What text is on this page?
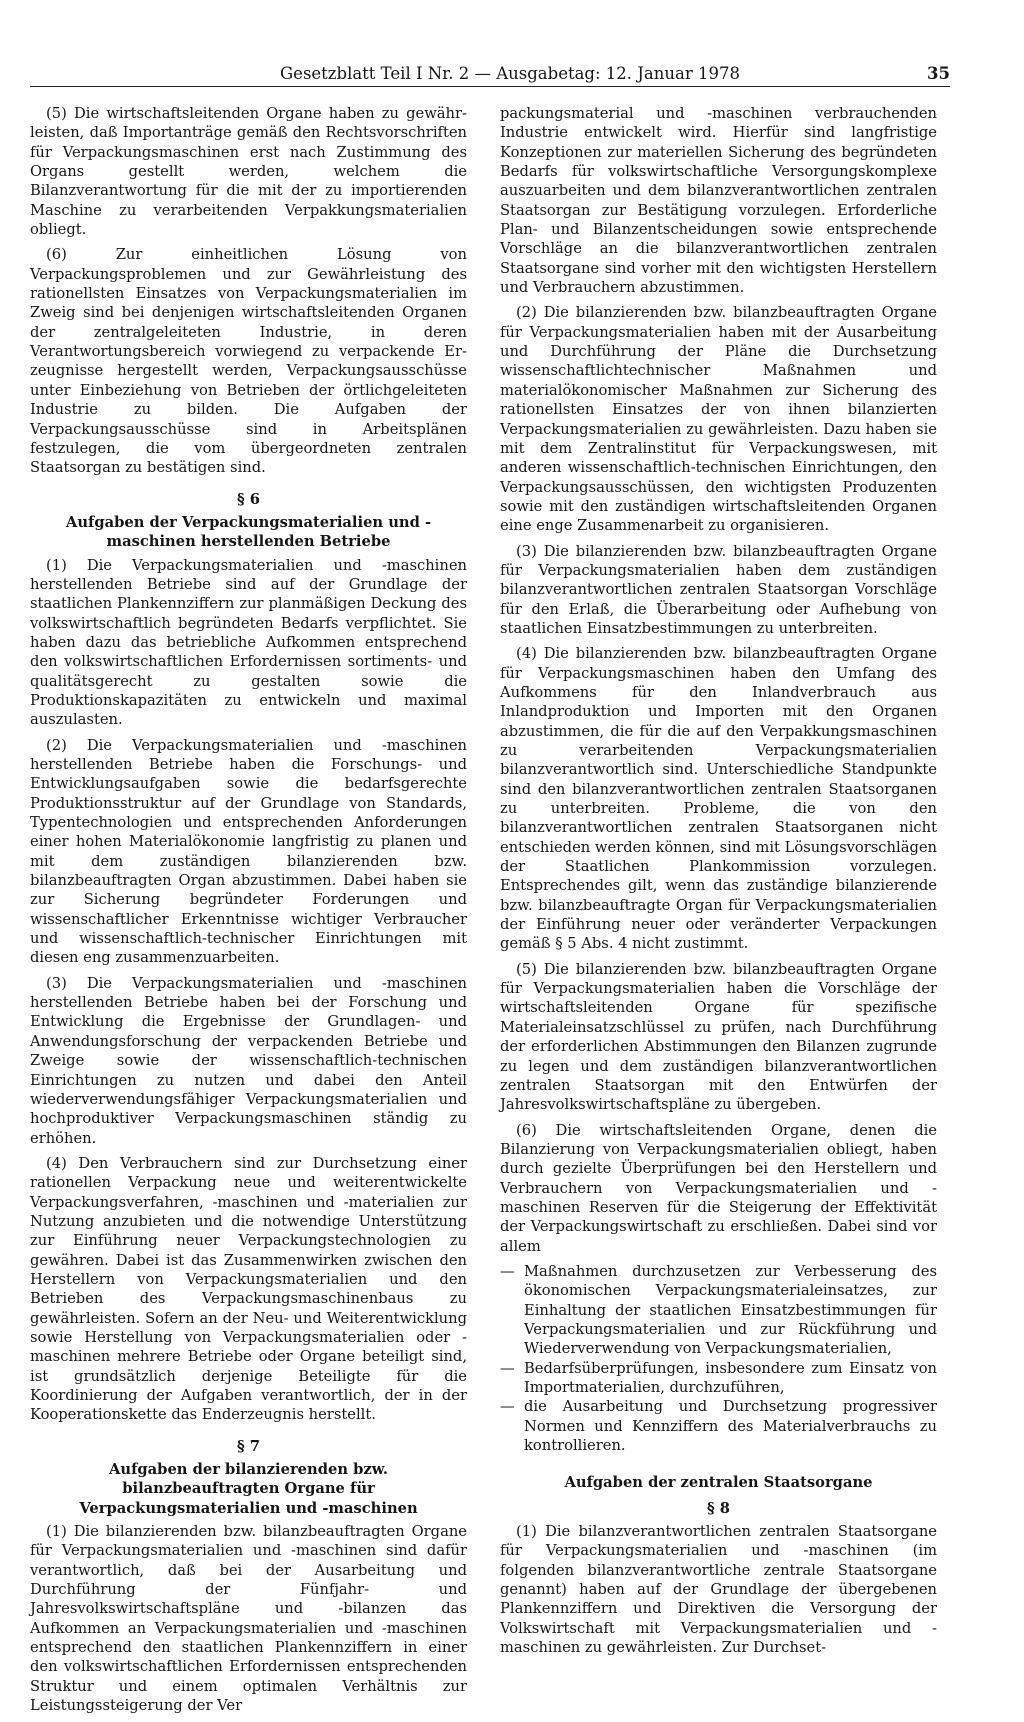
Gesetzblatt Teil I Nr. 2 — Ausgabetag: 12. Januar 1978	35

(5) Die wirtschaftsleitenden Organe haben zu gewährleisten, daß Importanträge gemäß den Rechtsvorschriften für Verpackungsmaschinen erst nach Zustimmung des Organs gestellt werden, welchem die Bilanzverantwortung für die mit der zu importierenden Maschine zu verarbeitenden Verpakkungsmaterialien obliegt.

(6) Zur einheitlichen Lösung von Verpackungsproblemen und zur Gewährleistung des rationellsten Einsatzes von Verpackungsmaterialien im Zweig sind bei denjenigen wirtschaftsleitenden Organen der zentralgeleiteten Industrie, in deren Verantwortungsbereich vorwiegend zu verpackende Erzeugnisse hergestellt werden, Verpackungsausschüsse unter Einbeziehung von Betrieben der örtlichgeleiteten Industrie zu bilden. Die Aufgaben der Verpackungsausschüsse sind in Arbeitsplänen festzulegen, die vom übergeordneten zentralen Staatsorgan zu bestätigen sind.

§ 6
Aufgaben der Verpackungsmaterialien und -maschinen herstellenden Betriebe

(1) Die Verpackungsmaterialien und -maschinen herstellenden Betriebe sind auf der Grundlage der staatlichen Plankennziffern zur planmäßigen Deckung des volkswirtschaftlich begründeten Bedarfs verpflichtet. Sie haben dazu das betriebliche Aufkommen entsprechend den volkswirtschaftlichen Erfordernissen sortiments- und qualitätsgerecht zu gestalten sowie die Produktionskapazitäten zu entwickeln und maximal auszulasten.

(2) Die Verpackungsmaterialien und -maschinen herstellenden Betriebe haben die Forschungs- und Entwicklungsaufgaben sowie die bedarfsgerechte Produktionsstruktur auf der Grundlage von Standards, Typentechnologien und entsprechenden Anforderungen einer hohen Materialökonomie langfristig zu planen und mit dem zuständigen bilanzierenden bzw. bilanzbeauftragten Organ abzustimmen. Dabei haben sie zur Sicherung begründeter Forderungen und wissenschaftlicher Erkenntnisse wichtiger Verbraucher und wissenschaftlich-technischer Einrichtungen mit diesen eng zusammenzuarbeiten.

(3) Die Verpackungsmaterialien und -maschinen herstellenden Betriebe haben bei der Forschung und Entwicklung die Ergebnisse der Grundlagen- und Anwendungsforschung der verpackenden Betriebe und Zweige sowie der wissenschaftlich-technischen Einrichtungen zu nutzen und dabei den Anteil wiederverwendungsfähiger Verpackungsmaterialien und hochproduktiver Verpackungsmaschinen ständig zu erhöhen.

(4) Den Verbrauchern sind zur Durchsetzung einer rationellen Verpackung neue und weiterentwickelte Verpackungsverfahren, -maschinen und -materialien zur Nutzung anzubieten und die notwendige Unterstützung zur Einführung neuer Verpackungstechnologien zu gewähren. Dabei ist das Zusammenwirken zwischen den Herstellern von Verpackungsmaterialien und den Betrieben des Verpackungsmaschinenbaus zu gewährleisten. Sofern an der Neu- und Weiterentwicklung sowie Herstellung von Verpackungsmaterialien oder -maschinen mehrere Betriebe oder Organe beteiligt sind, ist grundsätzlich derjenige Beteiligte für die Koordinierung der Aufgaben verantwortlich, der in der Kooperationskette das Enderzeugnis herstellt.

§ 7
Aufgaben der bilanzierenden bzw. bilanzbeauftragten Organe für Verpackungsmaterialien und -maschinen

(1) Die bilanzierenden bzw. bilanzbeauftragten Organe für Verpackungsmaterialien und -maschinen sind dafür verantwortlich, daß bei der Ausarbeitung und Durchführung der Fünfjahr- und Jahresvolkswirtschaftspläne und -bilanzen das Aufkommen an Verpackungsmaterialien und -maschinen entsprechend den staatlichen Plankennziffern in einer den volkswirtschaftlichen Erfordernissen entsprechenden Struktur und einem optimalen Verhältnis zur Leistungssteigerung der Ver

packungsmaterial und -maschinen verbrauchenden Industrie entwickelt wird. Hierfür sind langfristige Konzeptionen zur materiellen Sicherung des begründeten Bedarfs für volkswirtschaftliche Versorgungskomplexe auszuarbeiten und dem bilanzverantwortlichen zentralen Staatsorgan zur Bestätigung vorzulegen. Erforderliche Plan- und Bilanzentscheidungen sowie entsprechende Vorschläge an die bilanzverantwortlichen zentralen Staatsorgane sind vorher mit den wichtigsten Herstellern und Verbrauchern abzustimmen.

(2) Die bilanzierenden bzw. bilanzbeauftragten Organe für Verpackungsmaterialien haben mit der Ausarbeitung und Durchführung der Pläne die Durchsetzung wissenschaftlichtechnischer Maßnahmen und materialökonomischer Maßnahmen zur Sicherung des rationellsten Einsatzes der von ihnen bilanzierten Verpackungsmaterialien zu gewährleisten. Dazu haben sie mit dem Zentralinstitut für Verpackungswesen, mit anderen wissenschaftlich-technischen Einrichtungen, den Verpackungsausschüssen, den wichtigsten Produzenten sowie mit den zuständigen wirtschaftsleitenden Organen eine enge Zusammenarbeit zu organisieren.

(3) Die bilanzierenden bzw. bilanzbeauftragten Organe für Verpackungsmaterialien haben dem zuständigen bilanzverantwortlichen zentralen Staatsorgan Vorschläge für den Erlaß, die Überarbeitung oder Aufhebung von staatlichen Einsatzbestimmungen zu unterbreiten.

(4) Die bilanzierenden bzw. bilanzbeauftragten Organe für Verpackungsmaschinen haben den Umfang des Aufkommens für den Inlandverbrauch aus Inlandproduktion und Importen mit den Organen abzustimmen, die für die auf den Verpakkungsmaschinen zu verarbeitenden Verpackungsmaterialien bilanzverantwortlich sind. Unterschiedliche Standpunkte sind den bilanzverantwortlichen zentralen Staatsorganen zu unterbreiten. Probleme, die von den bilanzverantwortlichen zentralen Staatsorganen nicht entschieden werden können, sind mit Lösungsvorschlägen der Staatlichen Plankommission vorzulegen. Entsprechendes gilt, wenn das zuständige bilanzierende bzw. bilanzbeauftragte Organ für Verpackungsmaterialien der Einführung neuer oder veränderter Verpackungen gemäß § 5 Abs. 4 nicht zustimmt.

(5) Die bilanzierenden bzw. bilanzbeauftragten Organe für Verpackungsmaterialien haben die Vorschläge der wirtschaftsleitenden Organe für spezifische Materialeinsatzschlüssel zu prüfen, nach Durchführung der erforderlichen Abstimmungen den Bilanzen zugrunde zu legen und dem zuständigen bilanzverantwortlichen zentralen Staatsorgan mit den Entwürfen der Jahresvolkswirtschaftspläne zu übergeben.

(6) Die wirtschaftsleitenden Organe, denen die Bilanzierung von Verpackungsmaterialien obliegt, haben durch gezielte Überprüfungen bei den Herstellern und Verbrauchern von Verpackungsmaterialien und -maschinen Reserven für die Steigerung der Effektivität der Verpackungswirtschaft zu erschließen. Dabei sind vor allem

— Maßnahmen durchzusetzen zur Verbesserung des ökonomischen Verpackungsmaterialeinsatzes, zur Einhaltung der staatlichen Einsatzbestimmungen für Verpackungsmaterialien und zur Rückführung und Wiederverwendung von Verpackungsmaterialien,
— Bedarfsüberprüfungen, insbesondere zum Einsatz von Importmaterialien, durchzuführen,
— die Ausarbeitung und Durchsetzung progressiver Normen und Kennziffern des Materialverbrauchs zu kontrollieren.
Aufgaben der zentralen Staatsorgane
§ 8

(1) Die bilanzverantwortlichen zentralen Staatsorgane für Verpackungsmaterialien und -maschinen (im folgenden bilanzverantwortliche zentrale Staatsorgane genannt) haben auf der Grundlage der übergebenen Plankennziffern und Direktiven die Versorgung der Volkswirtschaft mit Verpackungsmaterialien und -maschinen zu gewährleisten. Zur Durchset-
